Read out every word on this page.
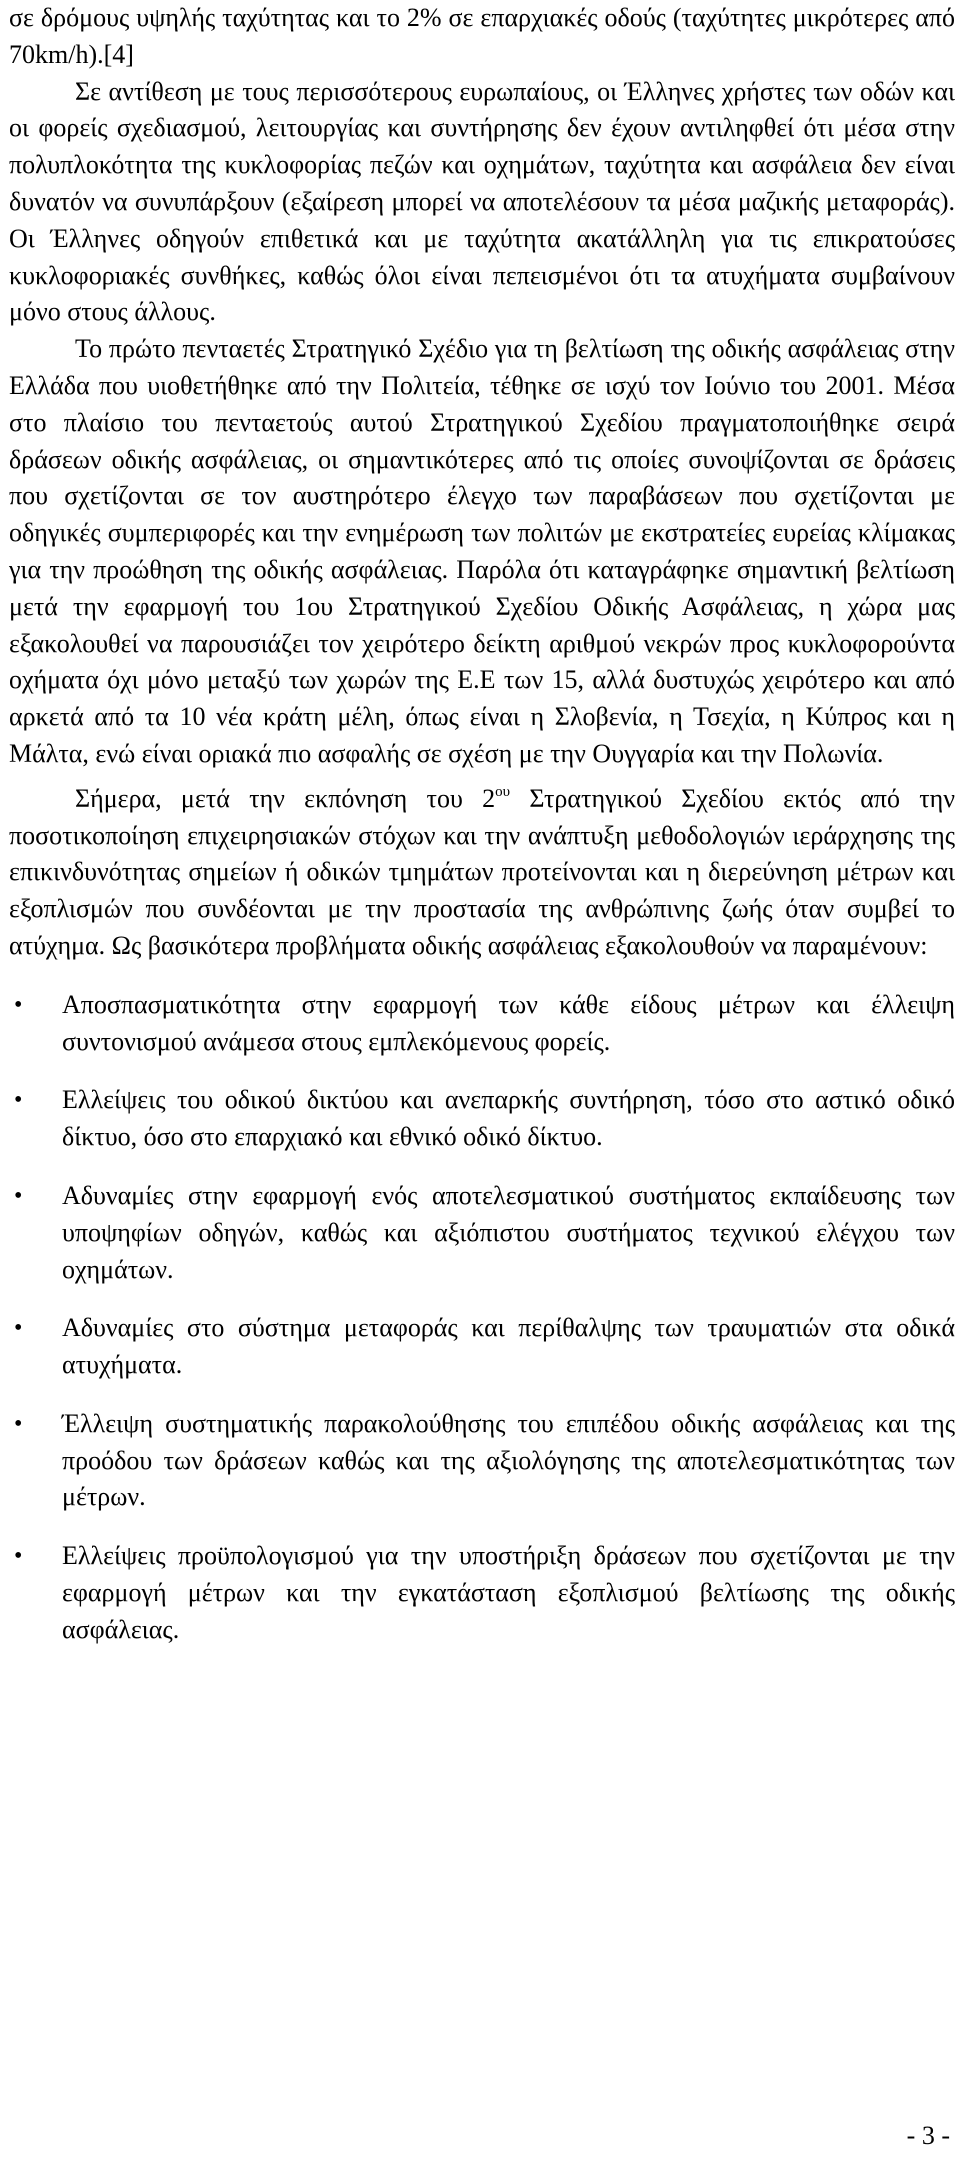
σε δρόμους υψηλής ταχύτητας και το 2% σε επαρχιακές οδούς (ταχύτητες μικρότερες από 70km/h).[4]

Σε αντίθεση με τους περισσότερους ευρωπαίους, οι Έλληνες χρήστες των οδών και οι φορείς σχεδιασμού, λειτουργίας και συντήρησης δεν έχουν αντιληφθεί ότι μέσα στην πολυπλοκότητα της κυκλοφορίας πεζών και οχημάτων, ταχύτητα και ασφάλεια δεν είναι δυνατόν να συνυπάρξουν (εξαίρεση μπορεί να αποτελέσουν τα μέσα μαζικής μεταφοράς). Οι Έλληνες οδηγούν επιθετικά και με ταχύτητα ακατάλληλη για τις επικρατούσες κυκλοφοριακές συνθήκες, καθώς όλοι είναι πεπεισμένοι ότι τα ατυχήματα συμβαίνουν μόνο στους άλλους.

Το πρώτο πενταετές Στρατηγικό Σχέδιο για τη βελτίωση της οδικής ασφάλειας στην Ελλάδα που υιοθετήθηκε από την Πολιτεία, τέθηκε σε ισχύ τον Ιούνιο του 2001. Μέσα στο πλαίσιο του πενταετούς αυτού Στρατηγικού Σχεδίου πραγματοποιήθηκε σειρά δράσεων οδικής ασφάλειας, οι σημαντικότερες από τις οποίες συνοψίζονται σε δράσεις που σχετίζονται σε τον αυστηρότερο έλεγχο των παραβάσεων που σχετίζονται με οδηγικές συμπεριφορές και την ενημέρωση των πολιτών με εκστρατείες ευρείας κλίμακας για την προώθηση της οδικής ασφάλειας. Παρόλα ότι καταγράφηκε σημαντική βελτίωση μετά την εφαρμογή του 1ου Στρατηγικού Σχεδίου Οδικής Ασφάλειας, η χώρα μας εξακολουθεί να παρουσιάζει τον χειρότερο δείκτη αριθμού νεκρών προς κυκλοφορούντα οχήματα όχι μόνο μεταξύ των χωρών της Ε.Ε των 15, αλλά δυστυχώς χειρότερο και από αρκετά από τα 10 νέα κράτη μέλη, όπως είναι η Σλοβενία, η Τσεχία, η Κύπρος και η Μάλτα, ενώ είναι οριακά πιο ασφαλής σε σχέση με την Ουγγαρία και την Πολωνία.

Σήμερα, μετά την εκπόνηση του $2^{o\upsilon}$ Στρατηγικού Σχεδίου εκτός από την ποσοτικοποίηση επιχειρησιακών στόχων και την ανάπτυξη μεθοδολογιών ιεράρχησης της επικινδυνότητας σημείων ή οδικών τμημάτων προτείνονται και η διερεύνηση μέτρων και εξοπλισμών που συνδέονται με την προστασία της ανθρώπινης ζωής όταν συμβεί το ατύχημα. Ως βασικότερα προβλήματα οδικής ασφάλειας εξακολουθούν να παραμένουν:

• Αποσπασματικότητα στην εφαρμογή των κάθε είδους μέτρων και έλλειψη συντονισμού ανάμεσα στους εμπλεκόμενους φορείς.
• Ελλείψεις του οδικού δικτύου και ανεπαρκής συντήρηση, τόσο στο αστικό οδικό δίκτυο, όσο στο επαρχιακό και εθνικό οδικό δίκτυο.
• Αδυναμίες στην εφαρμογή ενός αποτελεσματικού συστήματος εκπαίδευσης των υποψηφίων οδηγών, καθώς και αξιόπιστου συστήματος τεχνικού ελέγχου των οχημάτων.
• Αδυναμίες στο σύστημα μεταφοράς και περίθαλψης των τραυματιών στα οδικά ατυχήματα.
• Έλλειψη συστηματικής παρακολούθησης του επιπέδου οδικής ασφάλειας και της προόδου των δράσεων καθώς και της αξιολόγησης της αποτελεσματικότητας των μέτρων.
• Ελλείψεις προϋπολογισμού για την υποστήριξη δράσεων που σχετίζονται με την εφαρμογή μέτρων και την εγκατάσταση εξοπλισμού βελτίωσης της οδικής ασφάλειας.
- 3 -
